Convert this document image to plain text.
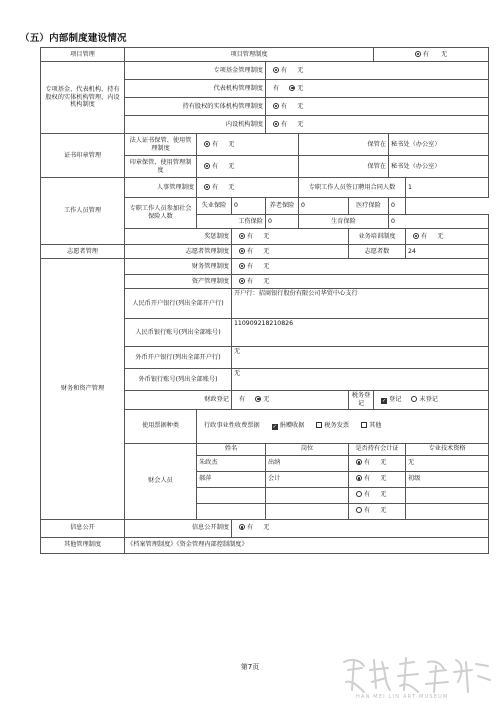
（五）内部制度建设情况
项目管理	项目管理制度						有 无		
专项基金、代表机构、持有股权的实体机构管理、内设机构制度	专项基金管理制度			有 无					
	代表机构管理制度			有 无					
	持有股权的实体机构管理制度			有 无					
	内设机构制度			有 无					
证书印章管理	法人证书保管、使用管理制度	有 无			保管在			秘书处（办公室）	
	印章保管、使用管理制度	有 无			保管在			秘书处（办公室）	
工作人员管理	人事管理制度	有 无			专职工作人员签订聘用合同人数				1
	专职工作人员参加社会保险人数	失业保险	0	养老保险	0	医疗保险		0	
		工伤保险		0	生育保险			0	
	奖惩制度		有 无			业务培训制度			有 无
志愿者管理	志愿者管理制度		有 无			志愿者数			24
财务和资产管理	财务管理制度		有 无						
	资产管理制度		有 无						
	人民币开户银行(列出全部开户行)		开户行：招商银行股份有限公司华贸中心支行						
	人民币银行账号(列出全部账号)		110909218210826						
	外币开户银行(列出全部开户行)		无						
	外币银行账号(列出全部账号)		无						
	财政登记		有 无			税务登记	✓ 登记 未登记		
	使用票据种类	行政事业性收费票据 ✓ 捐赠收据 税务发票 其他							
	财会人员	姓名		岗位		是否持有会计证			专业技术资格
		朱政杰		出纳		有 无			无
		郝萍		会计		有 无			初级
						有 无			
						有 无			
信息公开	信息公开制度		有 无						
其他管理制度	《档案管理制度》《资金管理内部控制制度》								
第7页
HAN MEI LIN ART MUSEUM
